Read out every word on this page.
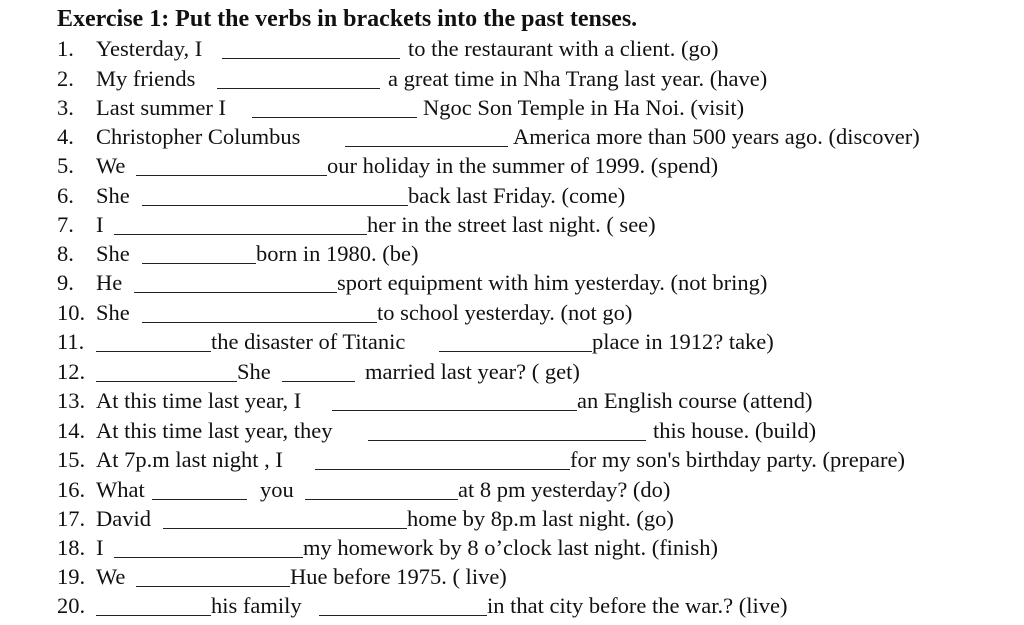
Exercise 1: Put the verbs in brackets into the past tenses.
1. Yesterday, I	to the restaurant with a client. (go)
2. My friends	a great time in Nha Trang last year. (have)
3. Last summer I	Ngoc Son Temple in Ha Noi. (visit)
4. Christopher Columbus	America more than 500 years ago. (discover)
5. We	our holiday in the summer of 1999. (spend)
6. She	back last Friday. (come)
7. I	her in the street last night. ( see)
8. She	born in 1980. (be)
9. He	sport equipment with him yesterday. (not bring)
10. She	to school yesterday. (not go)
11.	the disaster of Titanic	place in 1912? take)
12.	She	married last year? ( get)
13. At this time last year, I	an English course (attend)
14. At this time last year, they	this house. (build)
15. At 7p.m last night , I	for my son's birthday party. (prepare)
16. What	you	at 8 pm yesterday? (do)
17. David	home by 8p.m last night. (go)
18. I	my homework by 8 o’clock last night. (finish)
19. We	Hue before 1975. ( live)
20.	his family	in that city before the war.? (live)
